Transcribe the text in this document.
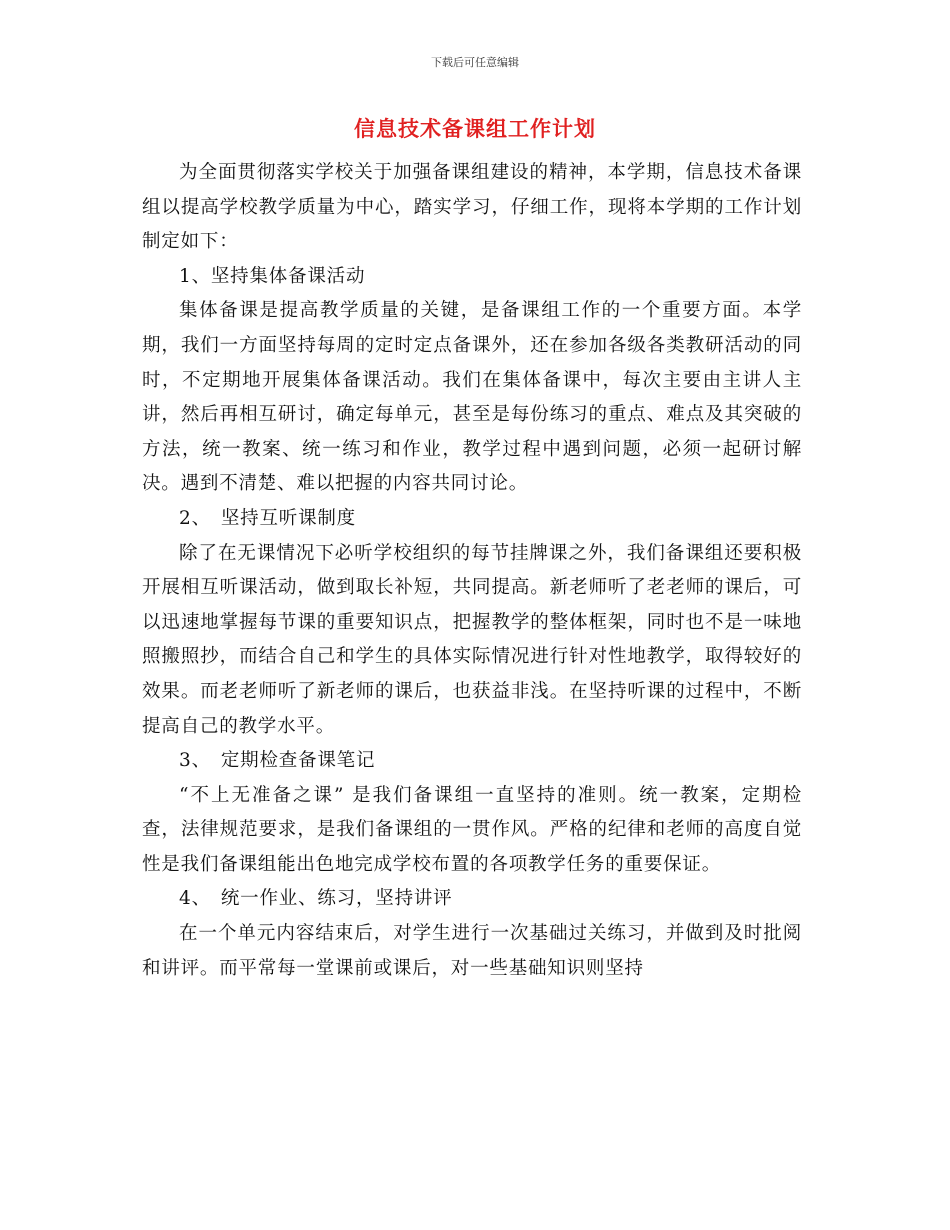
下载后可任意编辑
信息技术备课组工作计划

为全面贯彻落实学校关于加强备课组建设的精神，本学期，信息技术备课组以提高学校教学质量为中心，踏实学习，仔细工作，现将本学期的工作计划制定如下：

1、坚持集体备课活动

集体备课是提高教学质量的关键，是备课组工作的一个重要方面。本学期，我们一方面坚持每周的定时定点备课外，还在参加各级各类教研活动的同时，不定期地开展集体备课活动。我们在集体备课中，每次主要由主讲人主讲，然后再相互研讨，确定每单元，甚至是每份练习的重点、难点及其突破的方法，统一教案、统一练习和作业，教学过程中遇到问题，必须一起研讨解决。遇到不清楚、难以把握的内容共同讨论。

2、 坚持互听课制度

除了在无课情况下必听学校组织的每节挂牌课之外，我们备课组还要积极开展相互听课活动，做到取长补短，共同提高。新老师听了老老师的课后，可以迅速地掌握每节课的重要知识点，把握教学的整体框架，同时也不是一味地照搬照抄，而结合自己和学生的具体实际情况进行针对性地教学，取得较好的效果。而老老师听了新老师的课后，也获益非浅。在坚持听课的过程中，不断提高自己的教学水平。

3、 定期检查备课笔记

“不上无准备之课” 是我们备课组一直坚持的准则。统一教案，定期检查，法律规范要求，是我们备课组的一贯作风。严格的纪律和老师的高度自觉性是我们备课组能出色地完成学校布置的各项教学任务的重要保证。

4、 统一作业、练习，坚持讲评

在一个单元内容结束后，对学生进行一次基础过关练习，并做到及时批阅和讲评。而平常每一堂课前或课后，对一些基础知识则坚持
